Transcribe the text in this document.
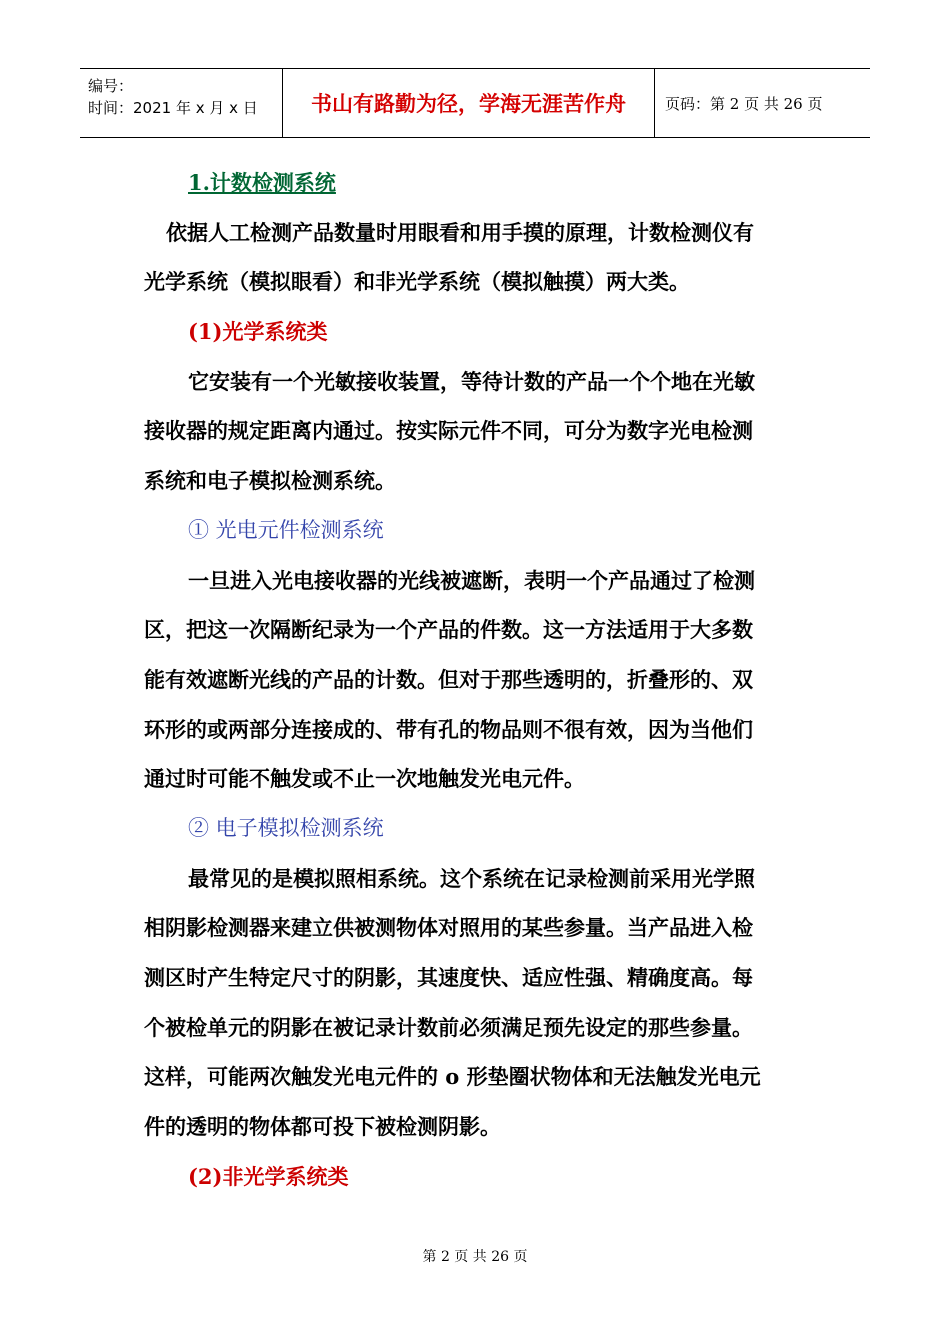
编号：
时间：2021 年 x 月 x 日	书山有路勤为径，学海无涯苦作舟	页码：第 2 页 共 26 页
1.计数检测系统
依据人工检测产品数量时用眼看和用手摸的原理，计数检测仪有
光学系统（模拟眼看）和非光学系统（模拟触摸）两大类。
(1)光学系统类
它安装有一个光敏接收装置，等待计数的产品一个个地在光敏
接收器的规定距离内通过。按实际元件不同，可分为数字光电检测
系统和电子模拟检测系统。
① 光电元件检测系统
一旦进入光电接收器的光线被遮断，表明一个产品通过了检测
区，把这一次隔断纪录为一个产品的件数。这一方法适用于大多数
能有效遮断光线的产品的计数。但对于那些透明的，折叠形的、双
环形的或两部分连接成的、带有孔的物品则不很有效，因为当他们
通过时可能不触发或不止一次地触发光电元件。
② 电子模拟检测系统
最常见的是模拟照相系统。这个系统在记录检测前采用光学照
相阴影检测器来建立供被测物体对照用的某些参量。当产品进入检
测区时产生特定尺寸的阴影，其速度快、适应性强、精确度高。每
个被检单元的阴影在被记录计数前必须满足预先设定的那些参量。
这样，可能两次触发光电元件的 o 形垫圈状物体和无法触发光电元
件的透明的物体都可投下被检测阴影。
(2)非光学系统类
第 2 页 共 26 页
